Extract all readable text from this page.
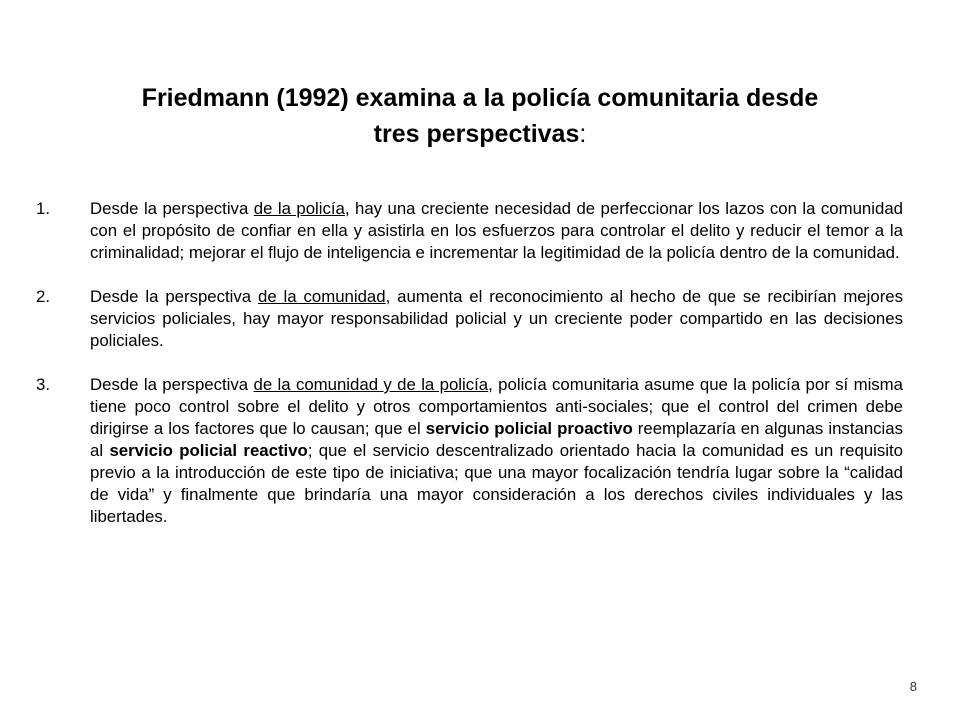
Friedmann (1992) examina a la policía comunitaria desde
tres perspectivas:
1. Desde la perspectiva de la policía, hay una creciente necesidad de perfeccionar los lazos con la comunidad con el propósito de confiar en ella y asistirla en los esfuerzos para controlar el delito y reducir el temor a la criminalidad; mejorar el flujo de inteligencia e incrementar la legitimidad de la policía dentro de la comunidad.
2. Desde la perspectiva de la comunidad, aumenta el reconocimiento al hecho de que se recibirían mejores servicios policiales, hay mayor responsabilidad policial y un creciente poder compartido en las decisiones policiales.
3. Desde la perspectiva de la comunidad y de la policía, policía comunitaria asume que la policía por sí misma tiene poco control sobre el delito y otros comportamientos anti-sociales; que el control del crimen debe dirigirse a los factores que lo causan; que el servicio policial proactivo reemplazaría en algunas instancias al servicio policial reactivo; que el servicio descentralizado orientado hacia la comunidad es un requisito previo a la introducción de este tipo de iniciativa; que una mayor focalización tendría lugar sobre la “calidad de vida” y finalmente que brindaría una mayor consideración a los derechos civiles individuales y las libertades.
8
